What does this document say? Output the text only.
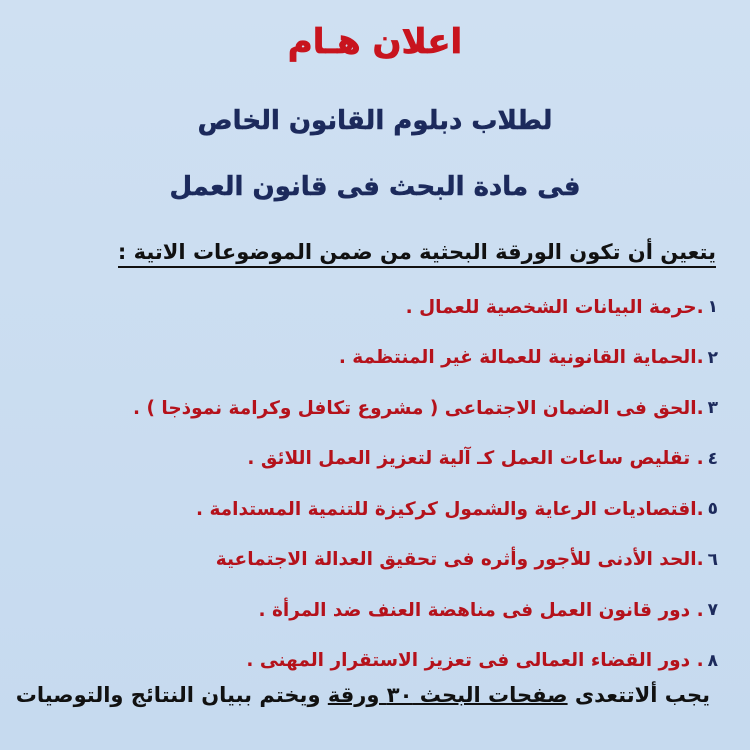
اعلان هـام
لطلاب دبلوم القانون الخاص
فى مادة البحث فى قانون العمل
يتعين أن تكون الورقة البحثية من ضمن الموضوعات الاتية :
١
.حرمة البيانات الشخصية للعمال .
٢
.الحماية القانونية للعمالة غير المنتظمة .
٣
.الحق فى الضمان الاجتماعى ( مشروع تكافل وكرامة نموذجا ) .
٤
. تقليص ساعات العمل كـ آلية لتعزيز العمل اللائق .
٥
.اقتصاديات الرعاية والشمول كركيزة للتنمية المستدامة .
٦
.الحد الأدنى للأجور وأثره فى تحقيق العدالة الاجتماعية
٧
. دور قانون العمل فى مناهضة العنف ضد المرأة .
٨
. دور القضاء العمالى فى تعزيز الاستقرار المهنى .
يجب ألاتتعدى صفحات البحث ٣٠ ورقة ويختم ببيان النتائج والتوصيات
